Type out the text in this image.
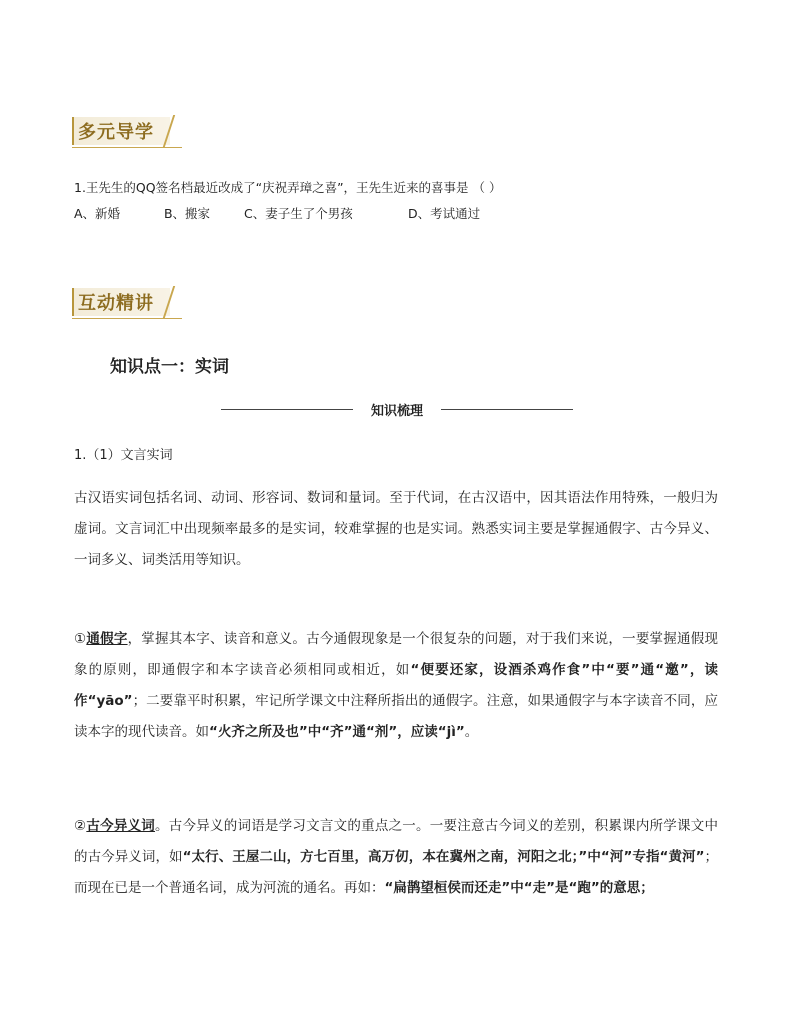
多元导学
1.王先生的QQ签名档最近改成了“庆祝弄璋之喜”，王先生近来的喜事是 （ ）
A、新婚	B、搬家	C、妻子生了个男孩	D、考试通过
互动精讲
知识点一：实词
知识梳理
1.（1）文言实词
古汉语实词包括名词、动词、形容词、数词和量词。至于代词，在古汉语中，因其语法作用特殊，一般归为虚词。文言词汇中出现频率最多的是实词，较难掌握的也是实词。熟悉实词主要是掌握通假字、古今异义、一词多义、词类活用等知识。
①通假字，掌握其本字、读音和意义。古今通假现象是一个很复杂的问题，对于我们来说，一要掌握通假现象的原则，即通假字和本字读音必须相同或相近，如“便要还家，设酒杀鸡作食”中“要”通“邀”，读作“yāo”；二要靠平时积累，牢记所学课文中注释所指出的通假字。注意，如果通假字与本字读音不同，应读本字的现代读音。如“火齐之所及也”中“齐”通“剂”，应读“jì”。
②古今异义词。古今异义的词语是学习文言文的重点之一。一要注意古今词义的差别，积累课内所学课文中的古今异义词，如“太行、王屋二山，方七百里，高万仞，本在冀州之南，河阳之北；”中“河”专指“黄河”；而现在已是一个普通名词，成为河流的通名。再如：“扁鹊望桓侯而还走”中“走”是“跑”的意思；
